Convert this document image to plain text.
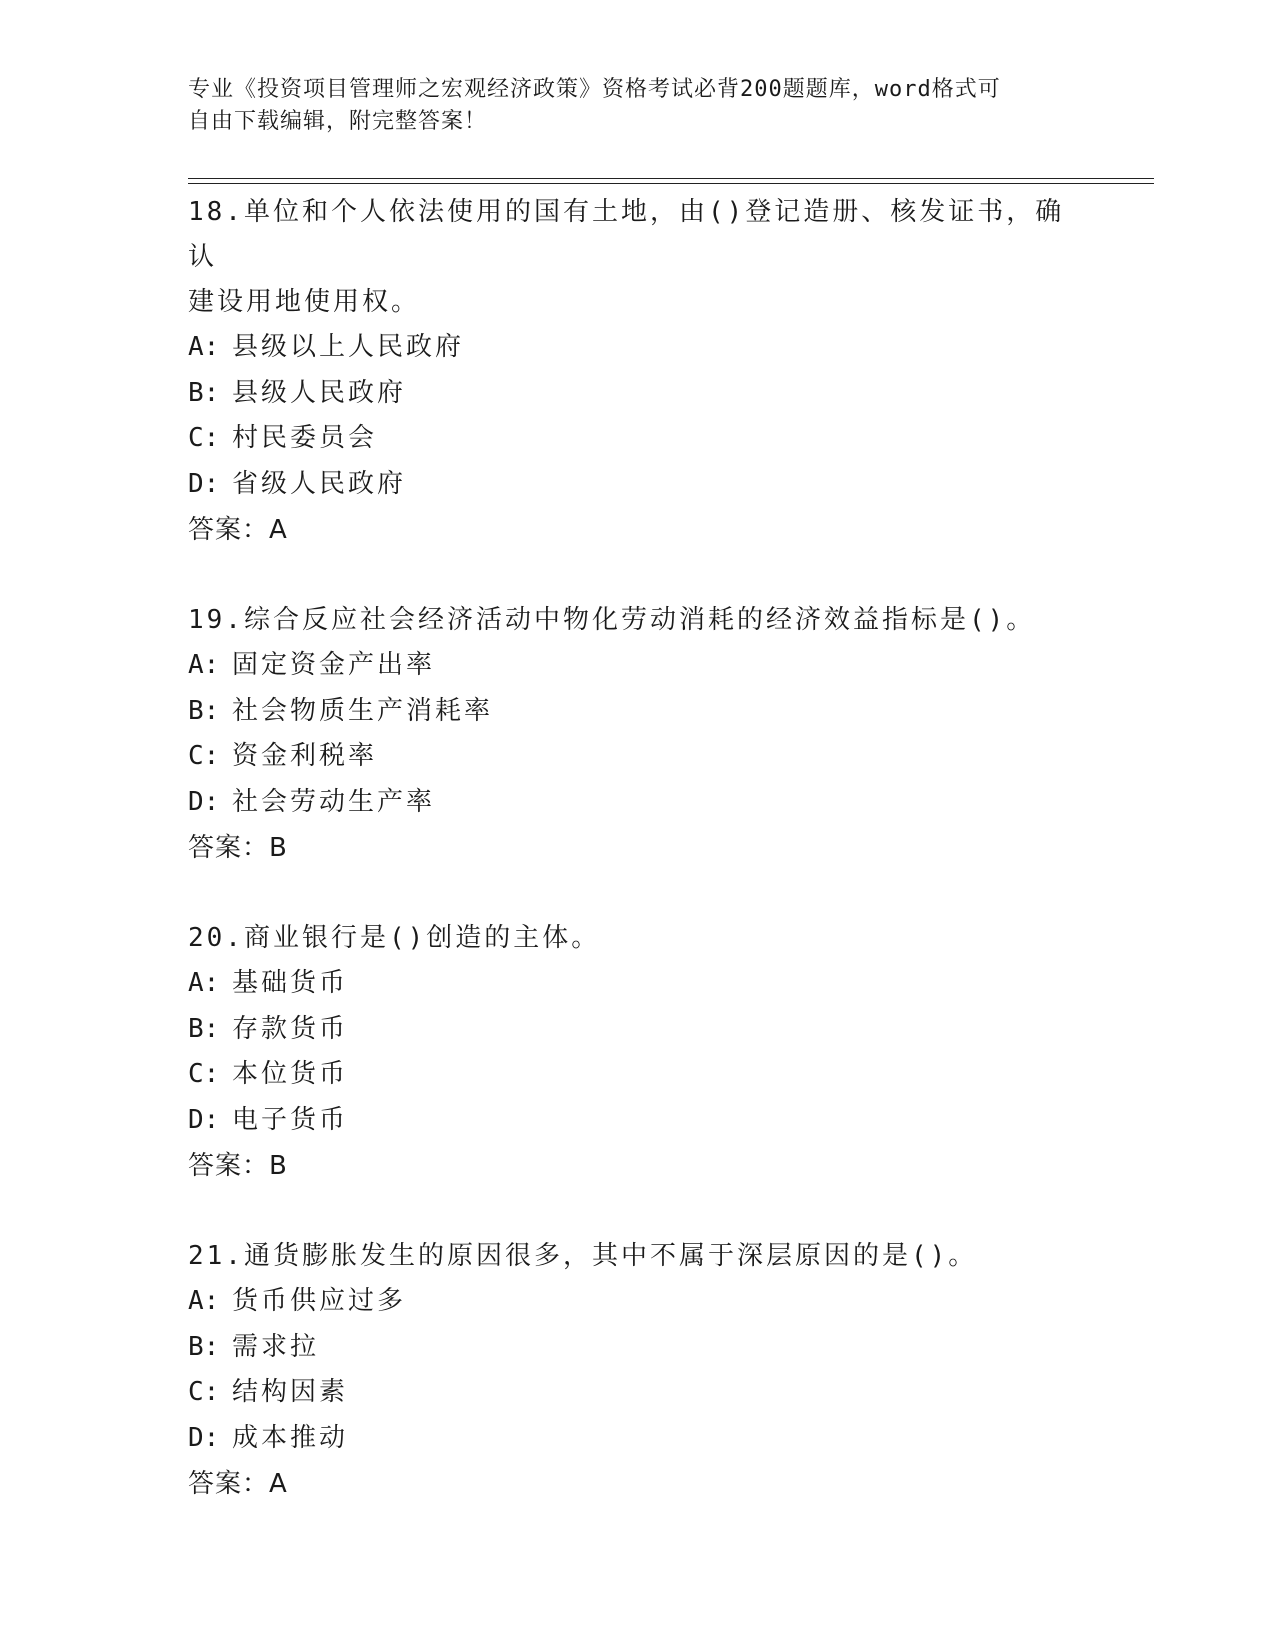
专业《投资项目管理师之宏观经济政策》资格考试必背200题题库，word格式可
自由下载编辑，附完整答案！
18.单位和个人依法使用的国有土地，由()登记造册、核发证书，确认
建设用地使用权。
A: 县级以上人民政府
B: 县级人民政府
C: 村民委员会
D: 省级人民政府
答案：A
19.综合反应社会经济活动中物化劳动消耗的经济效益指标是()。
A: 固定资金产出率
B: 社会物质生产消耗率
C: 资金利税率
D: 社会劳动生产率
答案：B
20.商业银行是()创造的主体。
A: 基础货币
B: 存款货币
C: 本位货币
D: 电子货币
答案：B
21.通货膨胀发生的原因很多，其中不属于深层原因的是()。
A: 货币供应过多
B: 需求拉
C: 结构因素
D: 成本推动
答案：A
